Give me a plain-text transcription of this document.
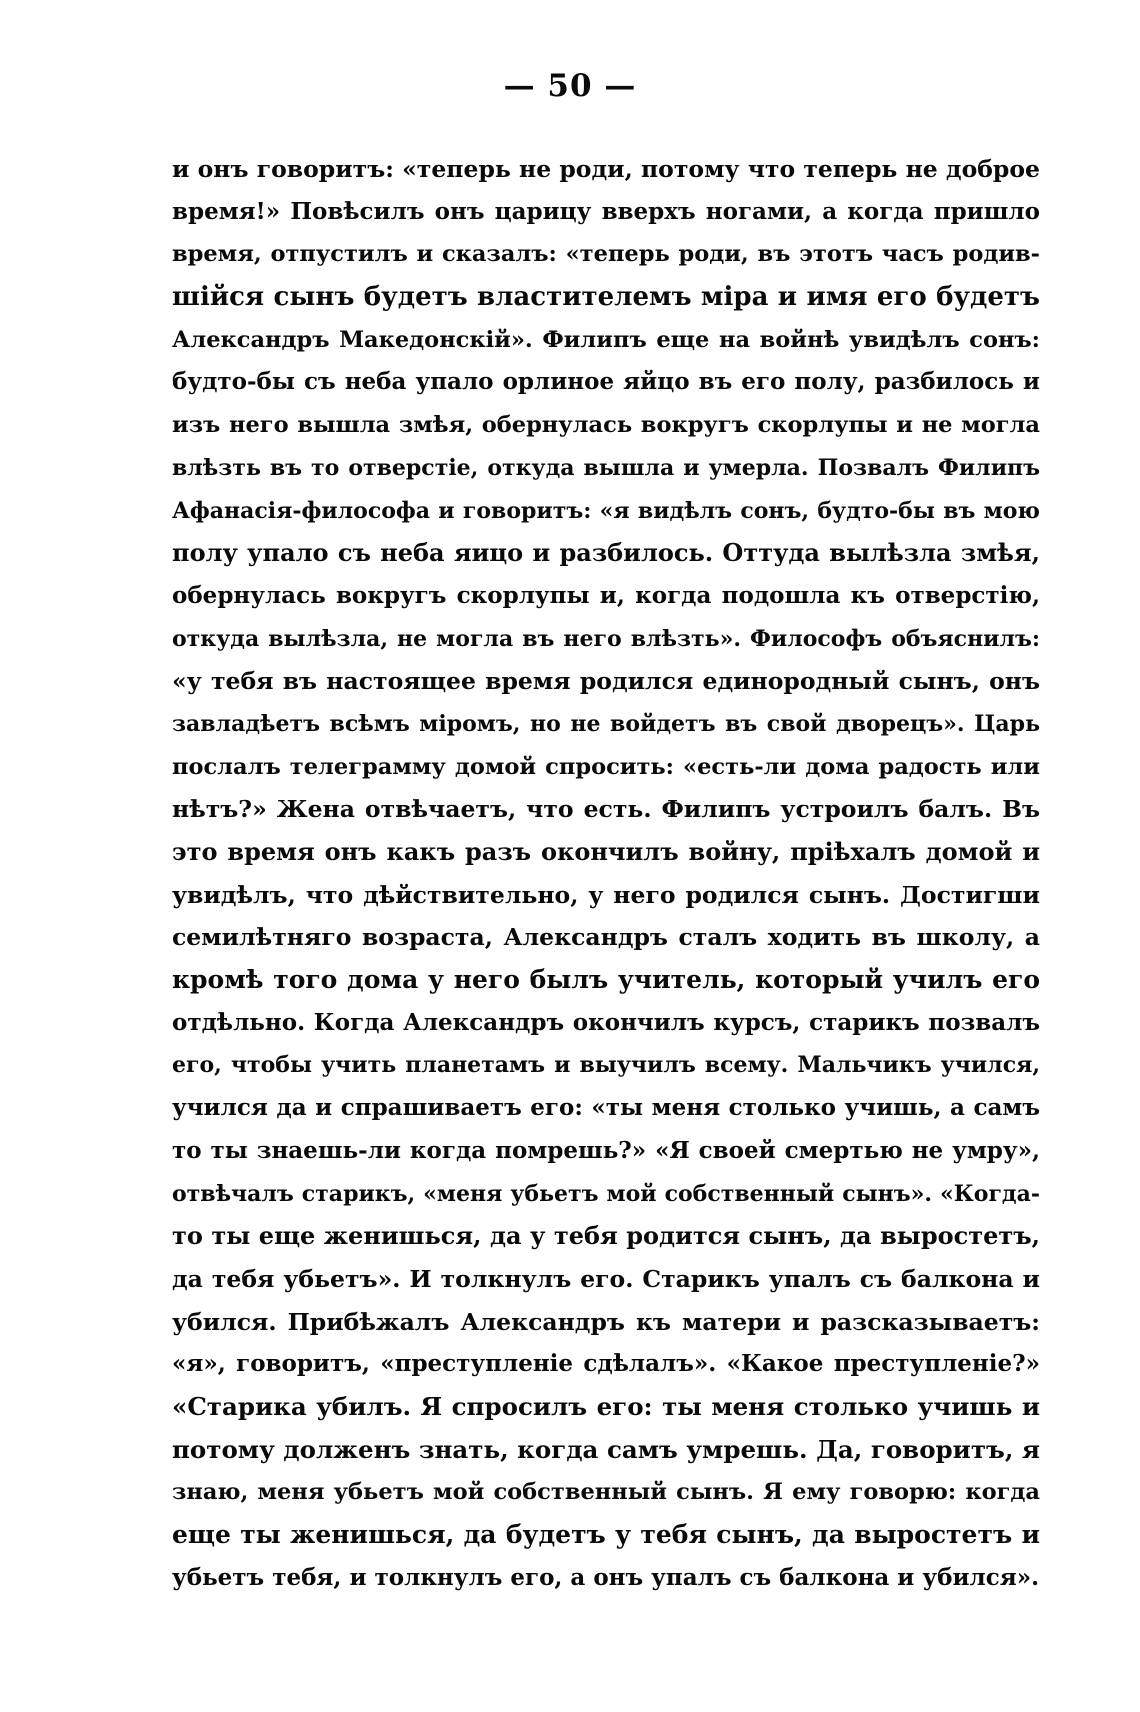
— 50 —
и онъ говоритъ: «теперь не роди, потому что теперь не доброе
время!» Повѣсилъ онъ царицу вверхъ ногами, а когда пришло
время, отпустилъ и сказалъ: «теперь роди, въ этотъ часъ родив-
шійся сынъ будетъ властителемъ міра и имя его будетъ
Александръ Македонскій». Филипъ еще на войнѣ увидѣлъ сонъ:
будто-бы съ неба упало орлиное яйцо въ его полу, разбилось и
изъ него вышла змѣя, обернулась вокругъ скорлупы и не могла
влѣзть въ то отверстіе, откуда вышла и умерла. Позвалъ Филипъ
Афанасія-философа и говоритъ: «я видѣлъ сонъ, будто-бы въ мою
полу упало съ неба яицо и разбилось. Оттуда вылѣзла змѣя,
обернулась вокругъ скорлупы и, когда подошла къ отверстію,
откуда вылѣзла, не могла въ него влѣзть». Философъ объяснилъ:
«у тебя въ настоящее время родился единородный сынъ, онъ
завладѣетъ всѣмъ міромъ, но не войдетъ въ свой дворецъ». Царь
послалъ телеграмму домой спросить: «есть-ли дома радость или
нѣтъ?» Жена отвѣчаетъ, что есть. Филипъ устроилъ балъ. Въ
это время онъ какъ разъ окончилъ войну, пріѣхалъ домой и
увидѣлъ, что дѣйствительно, у него родился сынъ. Достигши
семилѣтняго возраста, Александръ сталъ ходить въ школу, а
кромѣ того дома у него былъ учитель, который училъ его
отдѣльно. Когда Александръ окончилъ курсъ, старикъ позвалъ
его, чтобы учить планетамъ и выучилъ всему. Мальчикъ учился,
учился да и спрашиваетъ его: «ты меня столько учишь, а самъ
то ты знаешь-ли когда помрешь?» «Я своей смертью не умру»,
отвѣчалъ старикъ, «меня убьетъ мой собственный сынъ». «Когда-
то ты еще женишься, да у тебя родится сынъ, да выростетъ,
да тебя убьетъ». И толкнулъ его. Старикъ упалъ съ балкона и
убился. Прибѣжалъ Александръ къ матери и разсказываетъ:
«я», говоритъ, «преступленіе сдѣлалъ». «Какое преступленіе?»
«Старика убилъ. Я спросилъ его: ты меня столько учишь и
потому долженъ знать, когда самъ умрешь. Да, говоритъ, я
знаю, меня убьетъ мой собственный сынъ. Я ему говорю: когда
еще ты женишься, да будетъ у тебя сынъ, да выростетъ и
убьетъ тебя, и толкнулъ его, а онъ упалъ съ балкона и убился».
